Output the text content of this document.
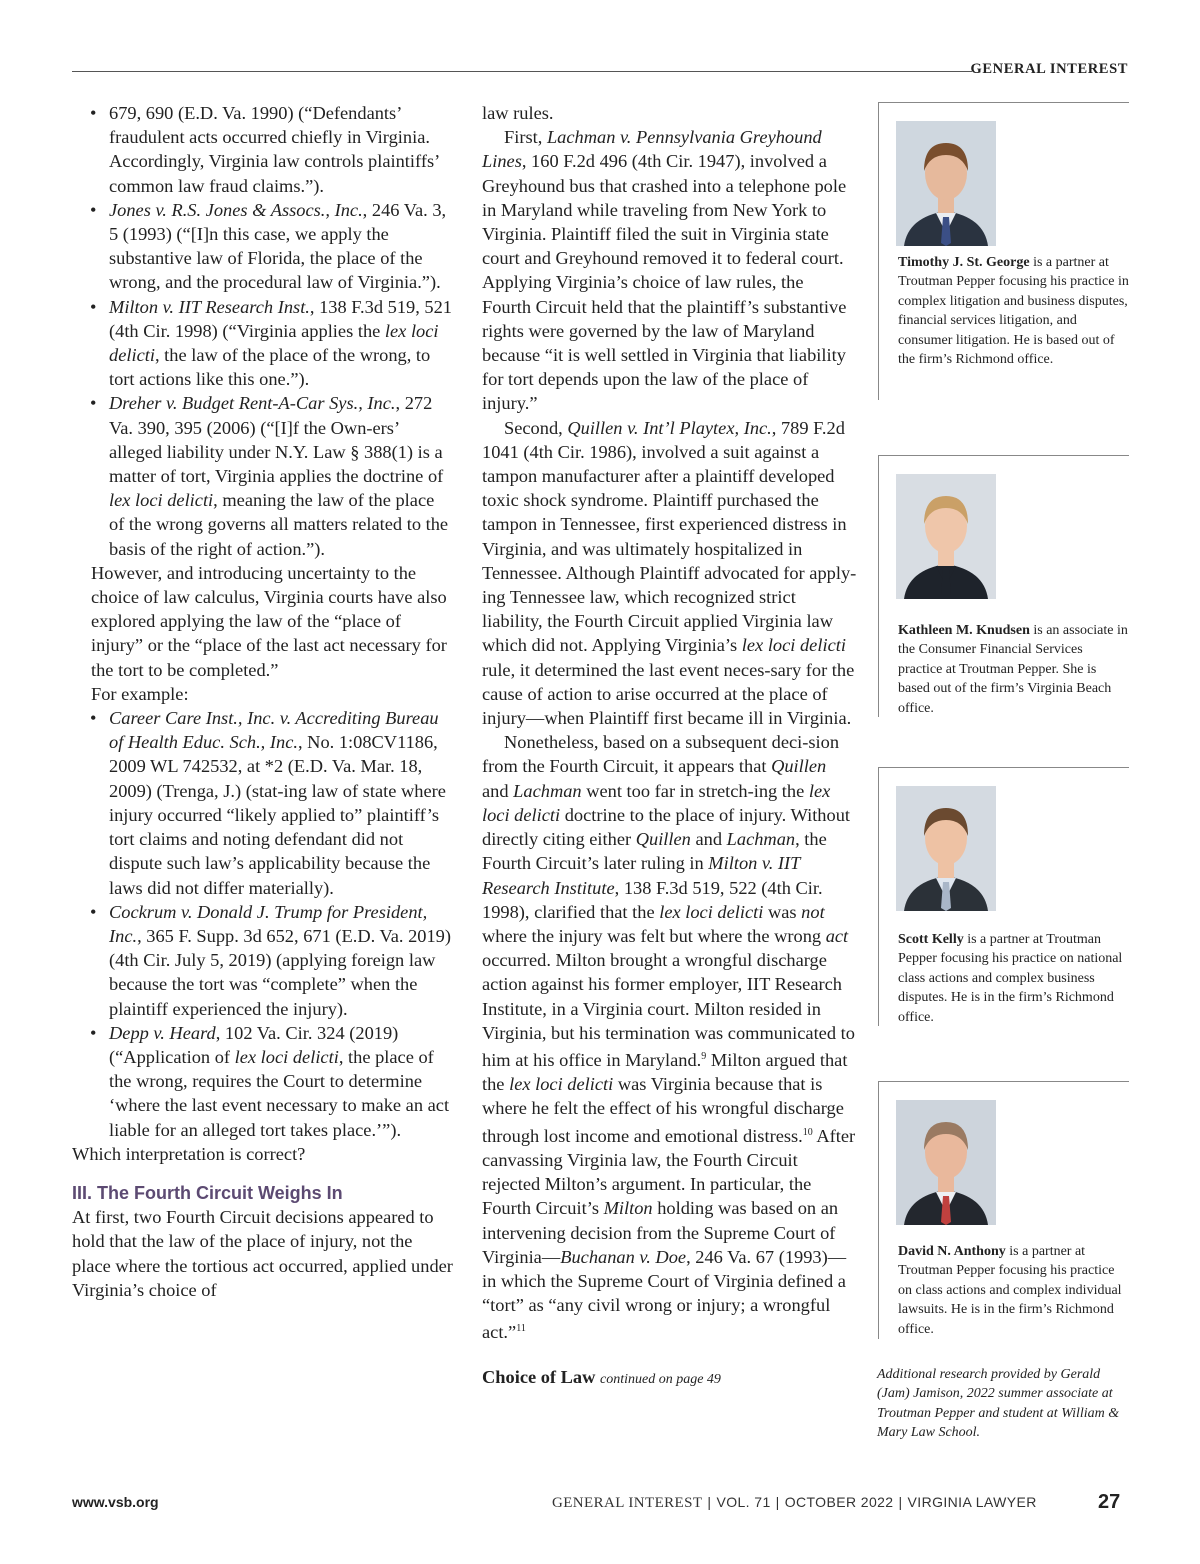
GENERAL INTEREST

• 679, 690 (E.D. Va. 1990) (“Defendants’ fraudulent acts occurred chiefly in Virginia. Accordingly, Virginia law controls plaintiffs’ common law fraud claims.”).

• Jones v. R.S. Jones & Assocs., Inc., 246 Va. 3, 5 (1993) (“[I]n this case, we apply the substantive law of Florida, the place of the wrong, and the procedural law of Virginia.”).

• Milton v. IIT Research Inst., 138 F.3d 519, 521 (4th Cir. 1998) (“Virginia applies the lex loci delicti, the law of the place of the wrong, to tort actions like this one.”).

• Dreher v. Budget Rent-A-Car Sys., Inc., 272 Va. 390, 395 (2006) (“[I]f the Own-ers’ alleged liability under N.Y. Law § 388(1) is a matter of tort, Virginia applies the doctrine of lex loci delicti, meaning the law of the place of the wrong governs all matters related to the basis of the right of action.”).

However, and introducing uncertainty to the choice of law calculus, Virginia courts have also explored applying the law of the “place of injury” or the “place of the last act necessary for the tort to be completed.”

For example:

• Career Care Inst., Inc. v. Accrediting Bureau of Health Educ. Sch., Inc., No. 1:08CV1186, 2009 WL 742532, at *2 (E.D. Va. Mar. 18, 2009) (Trenga, J.) (stat-ing law of state where injury occurred “likely applied to” plaintiff’s tort claims and noting defendant did not dispute such law’s applicability because the laws did not differ materially).

• Cockrum v. Donald J. Trump for President, Inc., 365 F. Supp. 3d 652, 671 (E.D. Va. 2019) (4th Cir. July 5, 2019) (applying foreign law because the tort was “complete” when the plaintiff experienced the injury).

• Depp v. Heard, 102 Va. Cir. 324 (2019) (“Application of lex loci delicti, the place of the wrong, requires the Court to determine ‘where the last event necessary to make an act liable for an alleged tort takes place.’”).

Which interpretation is correct?

III. The Fourth Circuit Weighs In

At first, two Fourth Circuit decisions appeared to hold that the law of the place of injury, not the place where the tortious act occurred, applied under Virginia’s choice of

law rules.

First, Lachman v. Pennsylvania Greyhound Lines, 160 F.2d 496 (4th Cir. 1947), involved a Greyhound bus that crashed into a telephone pole in Maryland while traveling from New York to Virginia. Plaintiff filed the suit in Virginia state court and Greyhound removed it to federal court. Applying Virginia’s choice of law rules, the Fourth Circuit held that the plaintiff’s substantive rights were governed by the law of Maryland because “it is well settled in Virginia that liability for tort depends upon the law of the place of injury.”

Second, Quillen v. Int’l Playtex, Inc., 789 F.2d 1041 (4th Cir. 1986), involved a suit against a tampon manufacturer after a plaintiff developed toxic shock syndrome. Plaintiff purchased the tampon in Tennessee, first experienced distress in Virginia, and was ultimately hospitalized in Tennessee. Although Plaintiff advocated for apply-ing Tennessee law, which recognized strict liability, the Fourth Circuit applied Virginia law which did not. Applying Virginia’s lex loci delicti rule, it determined the last event neces-sary for the cause of action to arise occurred at the place of injury—when Plaintiff first became ill in Virginia.

Nonetheless, based on a subsequent deci-sion from the Fourth Circuit, it appears that Quillen and Lachman went too far in stretch-ing the lex loci delicti doctrine to the place of injury. Without directly citing either Quillen and Lachman, the Fourth Circuit’s later ruling in Milton v. IIT Research Institute, 138 F.3d 519, 522 (4th Cir. 1998), clarified that the lex loci delicti was not where the injury was felt but where the wrong act occurred. Milton brought a wrongful discharge action against his former employer, IIT Research Institute, in a Virginia court. Milton resided in Virginia, but his termination was communicated to him at his office in Maryland.$^9$ Milton argued that the lex loci delicti was Virginia because that is where he felt the effect of his wrongful discharge through lost income and emotional distress.$^{10}$ After canvassing Virginia law, the Fourth Circuit rejected Milton’s argument. In particular, the Fourth Circuit’s Milton holding was based on an intervening decision from the Supreme Court of Virginia—Buchanan v. Doe, 246 Va. 67 (1993)—in which the Supreme Court of Virginia defined a “tort” as “any civil wrong or injury; a wrongful act.”$^{11}$

Choice of Law continued on page 49

Timothy J. St. George is a partner at Troutman Pepper focusing his practice in complex litigation and business disputes, financial services litigation, and consumer litigation. He is based out of the firm’s Richmond office.
Kathleen M. Knudsen is an associate in the Consumer Financial Services practice at Troutman Pepper. She is based out of the firm’s Virginia Beach office.
Scott Kelly is a partner at Troutman Pepper focusing his practice on national class actions and complex business disputes. He is in the firm’s Richmond office.
David N. Anthony is a partner at Troutman Pepper focusing his practice on class actions and complex individual lawsuits. He is in the firm’s Richmond office.
Additional research provided by Gerald (Jam) Jamison, 2022 summer associate at Troutman Pepper and student at William & Mary Law School.
www.vsb.org	GENERAL INTEREST | VOL. 71 | OCTOBER 2022 | VIRGINIA LAWYER	27
